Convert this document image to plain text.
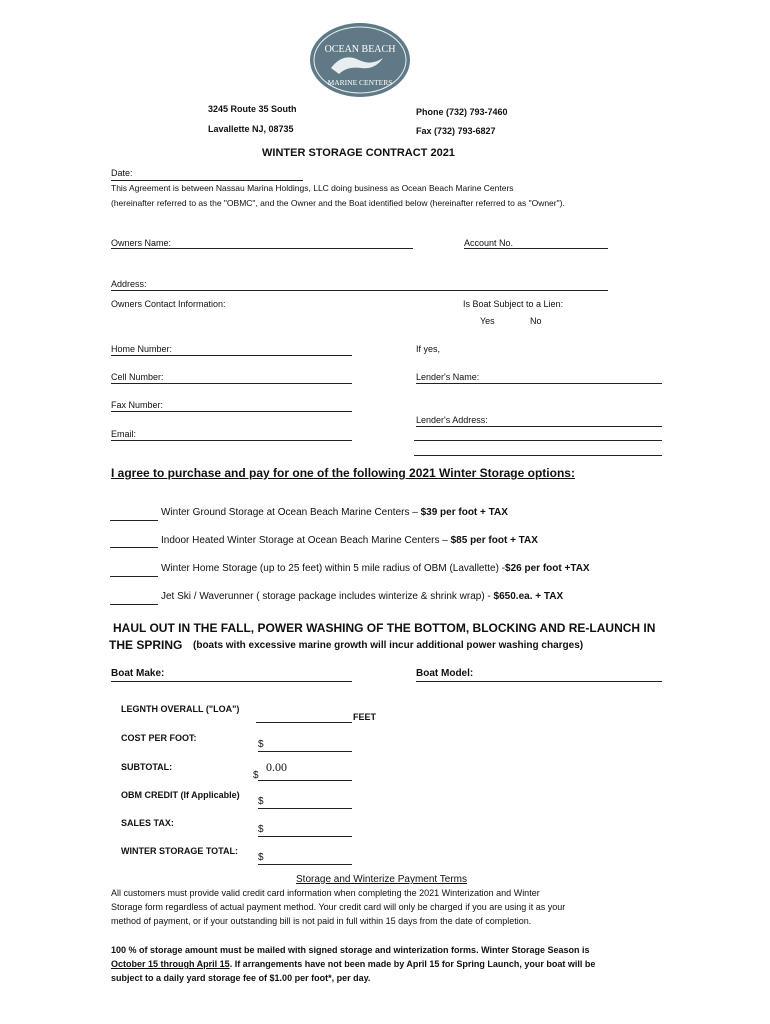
OCEAN BEACH
MARINE CENTERS
3245 Route 35 South
Lavallette NJ, 08735
Phone (732) 793-7460
Fax (732) 793-6827
WINTER STORAGE CONTRACT 2021
Date:
This Agreement is between Nassau Marina Holdings, LLC doing business as Ocean Beach Marine Centers
(hereinafter referred to as the "OBMC", and the Owner and the Boat identified below (hereinafter referred to as "Owner").
Owners Name:	Account No.
Address:
Owners Contact Information:	Is Boat Subject to a Lien:
Yes	No
Home Number:	If yes,
Cell Number:	Lender's Name:
Fax Number:
Lender's Address:
Email:
I agree to purchase and pay for one of the following 2021 Winter Storage options:
Winter Ground Storage at Ocean Beach Marine Centers – $39 per foot + TAX
Indoor Heated Winter Storage at Ocean Beach Marine Centers – $85 per foot + TAX
Winter Home Storage (up to 25 feet) within 5 mile radius of OBM (Lavallette) -$26 per foot +TAX
Jet Ski / Waverunner ( storage package includes winterize & shrink wrap) - $650.ea. + TAX
HAUL OUT IN THE FALL, POWER WASHING OF THE BOTTOM, BLOCKING AND RE-LAUNCH IN
THE SPRING (boats with excessive marine growth will incur additional power washing charges)
Boat Make:	Boat Model:
LEGNTH OVERALL ("LOA")
FEET
COST PER FOOT:
$
SUBTOTAL:
$
0.00
OBM CREDIT (If Applicable)
$
SALES TAX:
$
WINTER STORAGE TOTAL:
$
Storage and Winterize Payment Terms
All customers must provide valid credit card information when completing the 2021 Winterization and Winter
Storage form regardless of actual payment method. Your credit card will only be charged if you are using it as your
method of payment, or if your outstanding bill is not paid in full within 15 days from the date of completion.
100 % of storage amount must be mailed with signed storage and winterization forms. Winter Storage Season is
October 15 through April 15. If arrangements have not been made by April 15 for Spring Launch, your boat will be
subject to a daily yard storage fee of $1.00 per foot*, per day.
